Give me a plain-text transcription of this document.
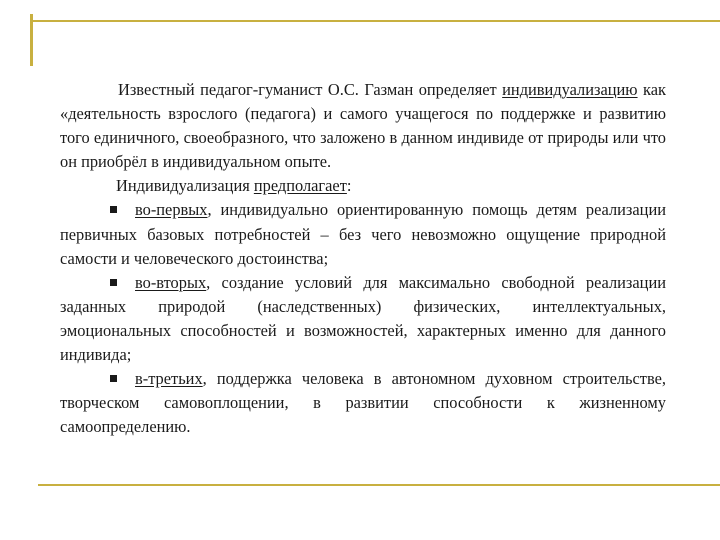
Известный педагог-гуманист О.С. Газман определяет индивидуализацию как «деятельность взрослого (педагога) и самого учащегося по поддержке и развитию того единичного, своеобразного, что заложено в данном индивиде от природы или что он приобрёл в индивидуальном опыте.

Индивидуализация предполагает:

во-первых, индивидуально ориентированную помощь детям реализации первичных базовых потребностей – без чего невозможно ощущение природной самости и человеческого достоинства;

во-вторых, создание условий для максимально свободной реализации заданных природой (наследственных) физических, интеллектуальных, эмоциональных способностей и возможностей, характерных именно для данного индивида;

в-третьих, поддержка человека в автономном духовном строительстве, творческом самовоплощении, в развитии способности к жизненному самоопределению.
